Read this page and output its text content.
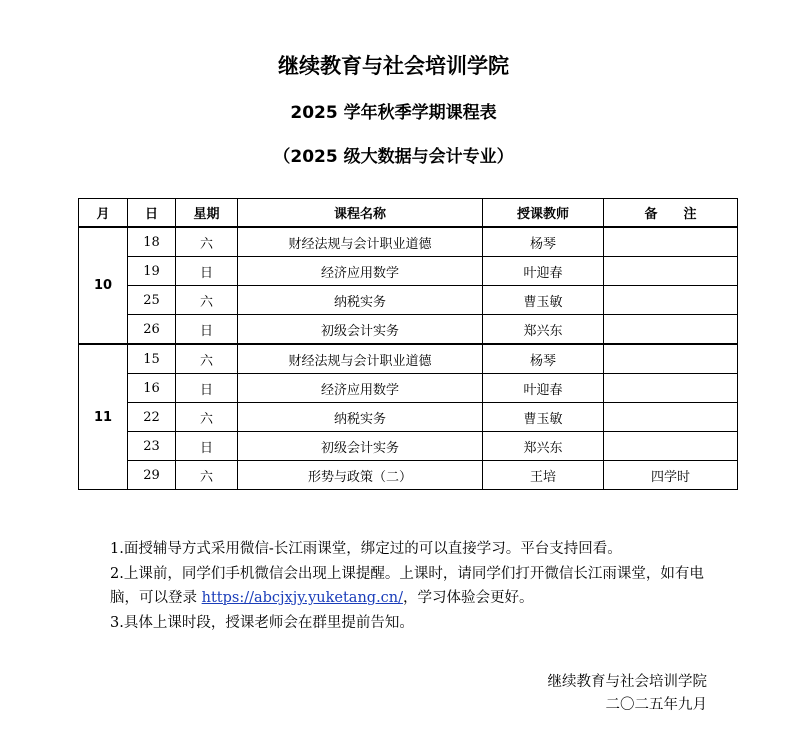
继续教育与社会培训学院
2025 学年秋季学期课程表
（2025 级大数据与会计专业）
月	日	星期	课程名称	授课教师	备　　注
10	18	六	财经法规与会计职业道德	杨琴	
	19	日	经济应用数学	叶迎春	
	25	六	纳税实务	曹玉敏	
	26	日	初级会计实务	郑兴东	
11	15	六	财经法规与会计职业道德	杨琴	
	16	日	经济应用数学	叶迎春	
	22	六	纳税实务	曹玉敏	
	23	日	初级会计实务	郑兴东	
	29	六	形势与政策（二）	王培	四学时

1.面授辅导方式采用微信-长江雨课堂，绑定过的可以直接学习。平台支持回看。

2.上课前，同学们手机微信会出现上课提醒。上课时，请同学们打开微信长江雨课堂，如有电脑，可以登录 https://abcjxjy.yuketang.cn/，学习体验会更好。

3.具体上课时段，授课老师会在群里提前告知。

继续教育与社会培训学院
二〇二五年九月
